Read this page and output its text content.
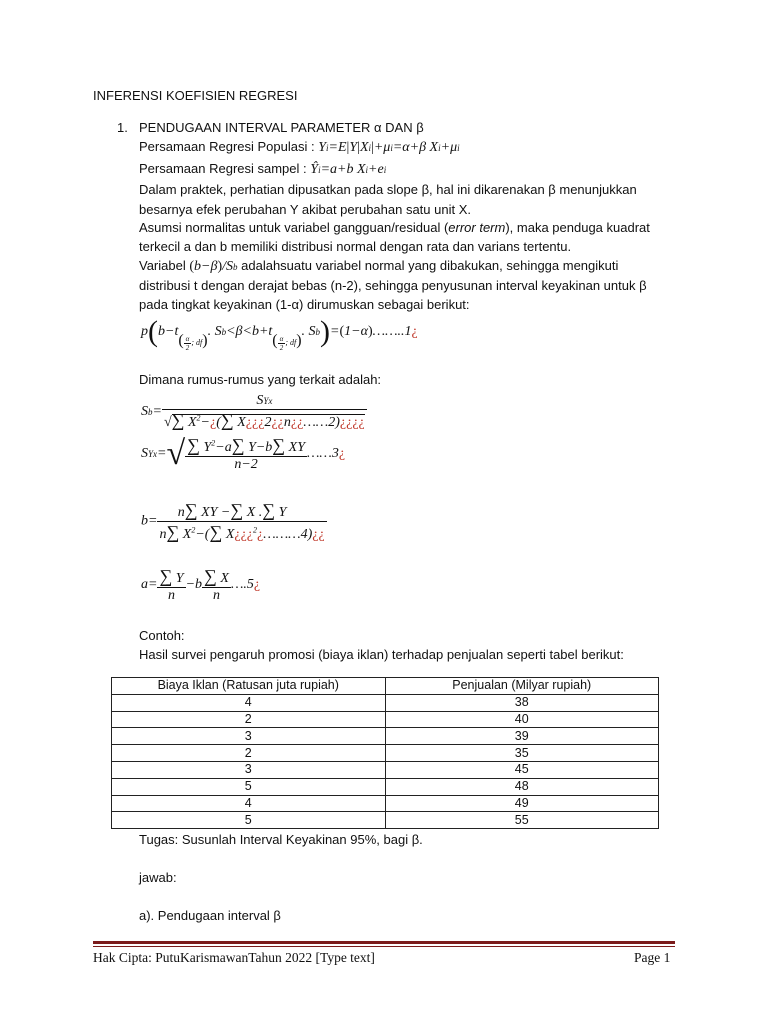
INFERENSI KOEFISIEN REGRESI
1. PENDUGAAN INTERVAL PARAMETER α DAN β
Persamaan Regresi Populasi : Yi=E|Y|Xi|+μi=α+β Xi+μi
Persamaan Regresi sampel : Ŷi=a+b Xi+ei
Dalam praktek, perhatian dipusatkan pada slope β, hal ini dikarenakan β menunjukkan
besarnya efek perubahan Y akibat perubahan satu unit X.
Asumsi normalitas untuk variabel gangguan/residual (error term), maka penduga kuadrat
terkecil a dan b memiliki distribusi normal dengan rata dan varians tertentu.
Variabel (b−β)/Sb adalahsuatu variabel normal yang dibakukan, sehingga mengikuti
distribusi t dengan derajat bebas (n-2), sehingga penyusunan interval keyakinan untuk β
pada tingkat keyakinan (1-α) dirumuskan sebagai berikut:
$p(b-t_{( \frac{\alpha}{2} ; df)}$. $Sb<\beta<b+t_{( \frac{\alpha}{2} ; df)}$. Sb)=(1−α)……..1¿
Dimana rumus-rumus yang terkait adalah:
$Sb= \frac{\text{SYx}}{√\sum X^2-¿(\sum X¿¿¿2¿¿n¿¿\dots\dots 2)¿¿¿¿}$
$SYx=√ \frac{\sum Y^2-a\sum Y-b\sum XY}{n-2}$ ……3¿
$b= \frac{n\sum XY -\sum X .\sum Y}{n\sum X^2-(\sum X¿¿¿^2¿\dots\dots\dots 4)¿¿}$
$a= \frac{\sum Y}{n} -b \frac{\sum X}{n}$ ….5¿
Contoh:
Hasil survei pengaruh promosi (biaya iklan) terhadap penjualan seperti tabel berikut:
Biaya Iklan (Ratusan juta rupiah)	Penjualan (Milyar rupiah)
4	38
2	40
3	39
2	35
3	45
5	48
4	49
5	55
Tugas: Susunlah Interval Keyakinan 95%, bagi β.
jawab:
a). Pendugaan interval β
Hak Cipta: PutuKarismawanTahun 2022 [Type text]	Page 1
